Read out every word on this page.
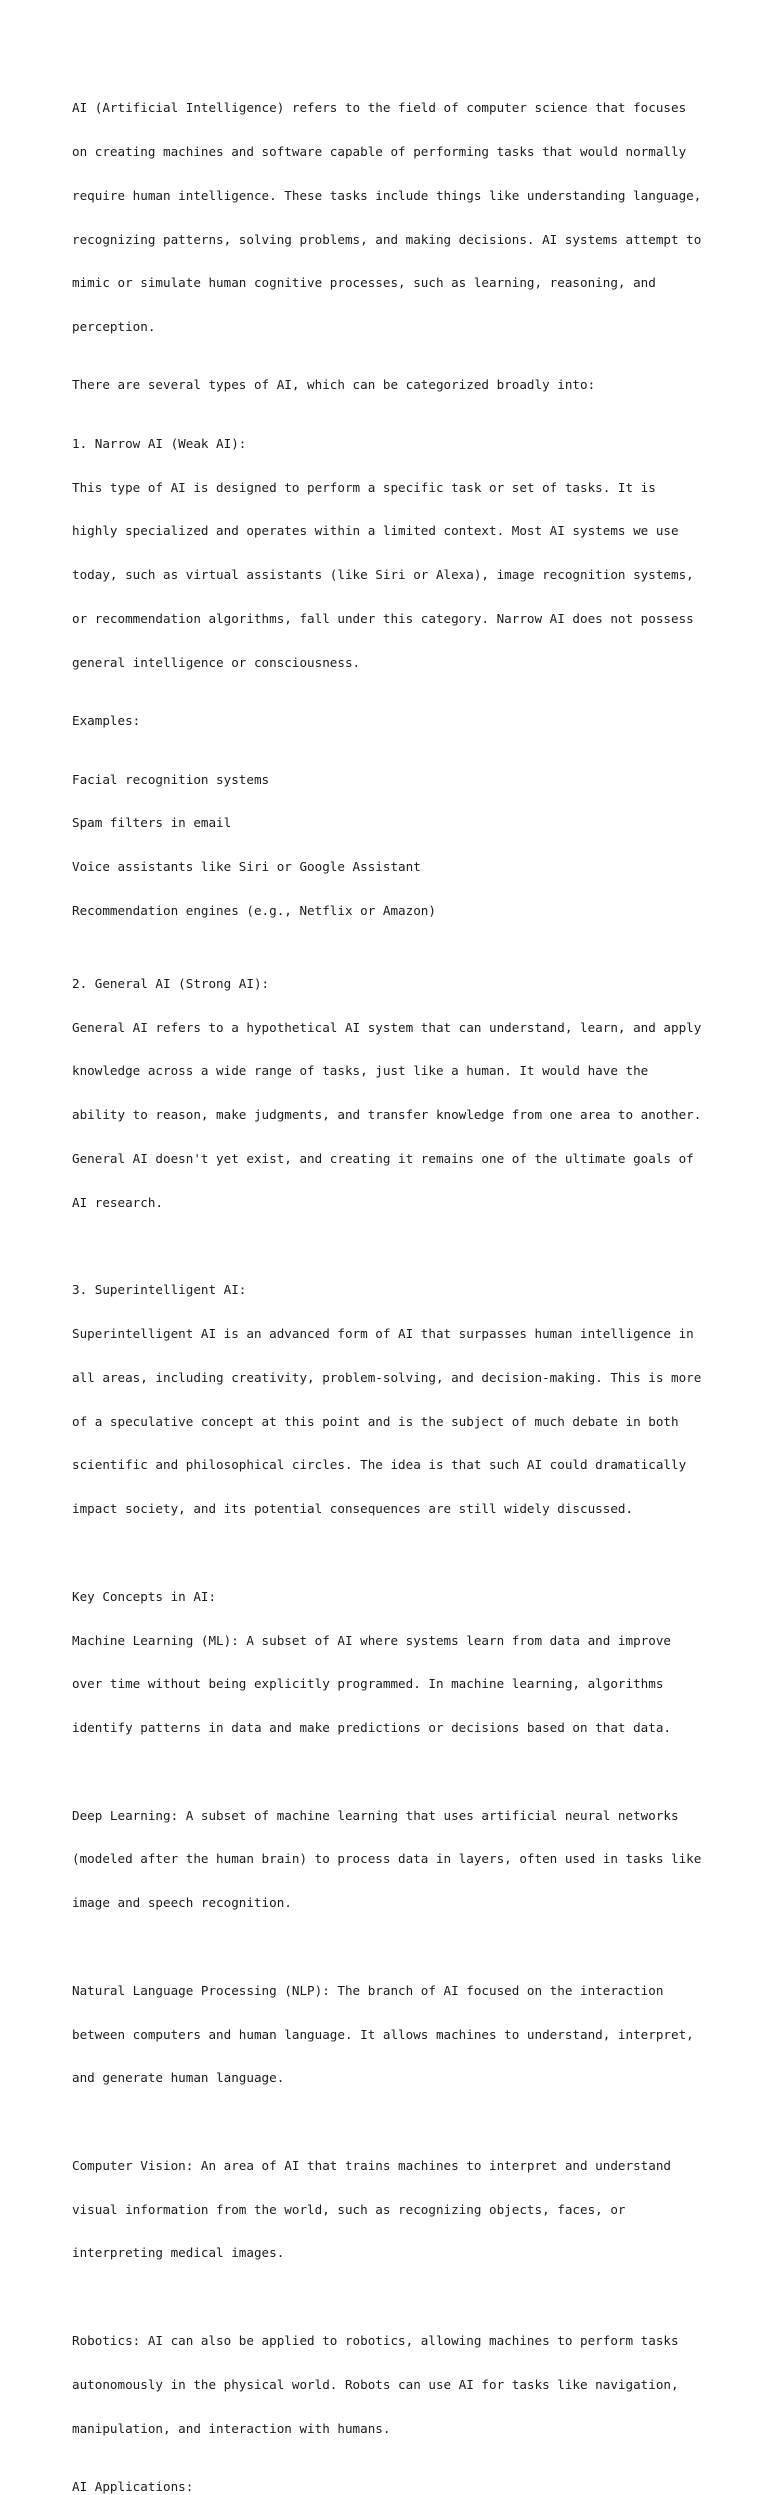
AI (Artificial Intelligence) refers to the field of computer science that focuses

on creating machines and software capable of performing tasks that would normally

require human intelligence. These tasks include things like understanding language,

recognizing patterns, solving problems, and making decisions. AI systems attempt to

mimic or simulate human cognitive processes, such as learning, reasoning, and

perception.

There are several types of AI, which can be categorized broadly into:

1. Narrow AI (Weak AI):

This type of AI is designed to perform a specific task or set of tasks. It is

highly specialized and operates within a limited context. Most AI systems we use

today, such as virtual assistants (like Siri or Alexa), image recognition systems,

or recommendation algorithms, fall under this category. Narrow AI does not possess

general intelligence or consciousness.

Examples:

Facial recognition systems

Spam filters in email

Voice assistants like Siri or Google Assistant

Recommendation engines (e.g., Netflix or Amazon)

2. General AI (Strong AI):

General AI refers to a hypothetical AI system that can understand, learn, and apply

knowledge across a wide range of tasks, just like a human. It would have the

ability to reason, make judgments, and transfer knowledge from one area to another.

General AI doesn't yet exist, and creating it remains one of the ultimate goals of

AI research.

3. Superintelligent AI:

Superintelligent AI is an advanced form of AI that surpasses human intelligence in

all areas, including creativity, problem-solving, and decision-making. This is more

of a speculative concept at this point and is the subject of much debate in both

scientific and philosophical circles. The idea is that such AI could dramatically

impact society, and its potential consequences are still widely discussed.

Key Concepts in AI:

Machine Learning (ML): A subset of AI where systems learn from data and improve

over time without being explicitly programmed. In machine learning, algorithms

identify patterns in data and make predictions or decisions based on that data.

Deep Learning: A subset of machine learning that uses artificial neural networks

(modeled after the human brain) to process data in layers, often used in tasks like

image and speech recognition.

Natural Language Processing (NLP): The branch of AI focused on the interaction

between computers and human language. It allows machines to understand, interpret,

and generate human language.

Computer Vision: An area of AI that trains machines to interpret and understand

visual information from the world, such as recognizing objects, faces, or

interpreting medical images.

Robotics: AI can also be applied to robotics, allowing machines to perform tasks

autonomously in the physical world. Robots can use AI for tasks like navigation,

manipulation, and interaction with humans.

AI Applications:
